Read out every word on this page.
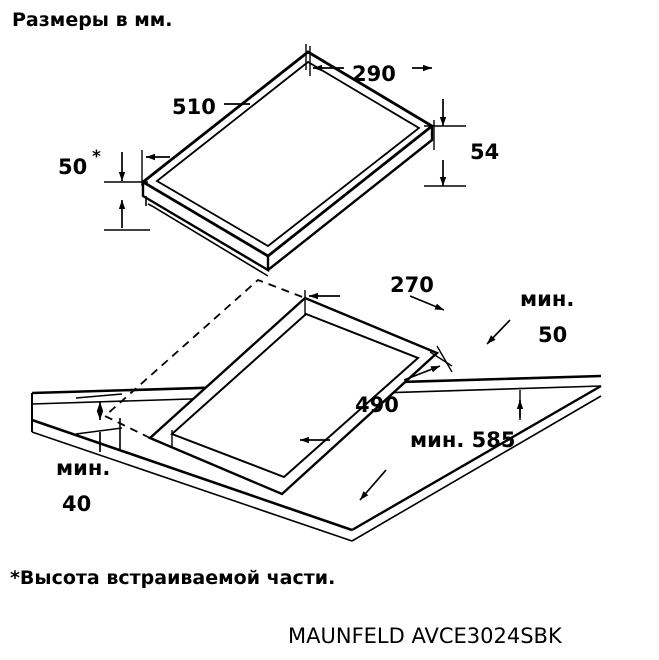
Размеры в мм.
290
510
54
50 *
270
мин.
50
490
мин. 585
мин.
40
*Высота встраиваемой части.
MAUNFELD AVCE3024SBK
